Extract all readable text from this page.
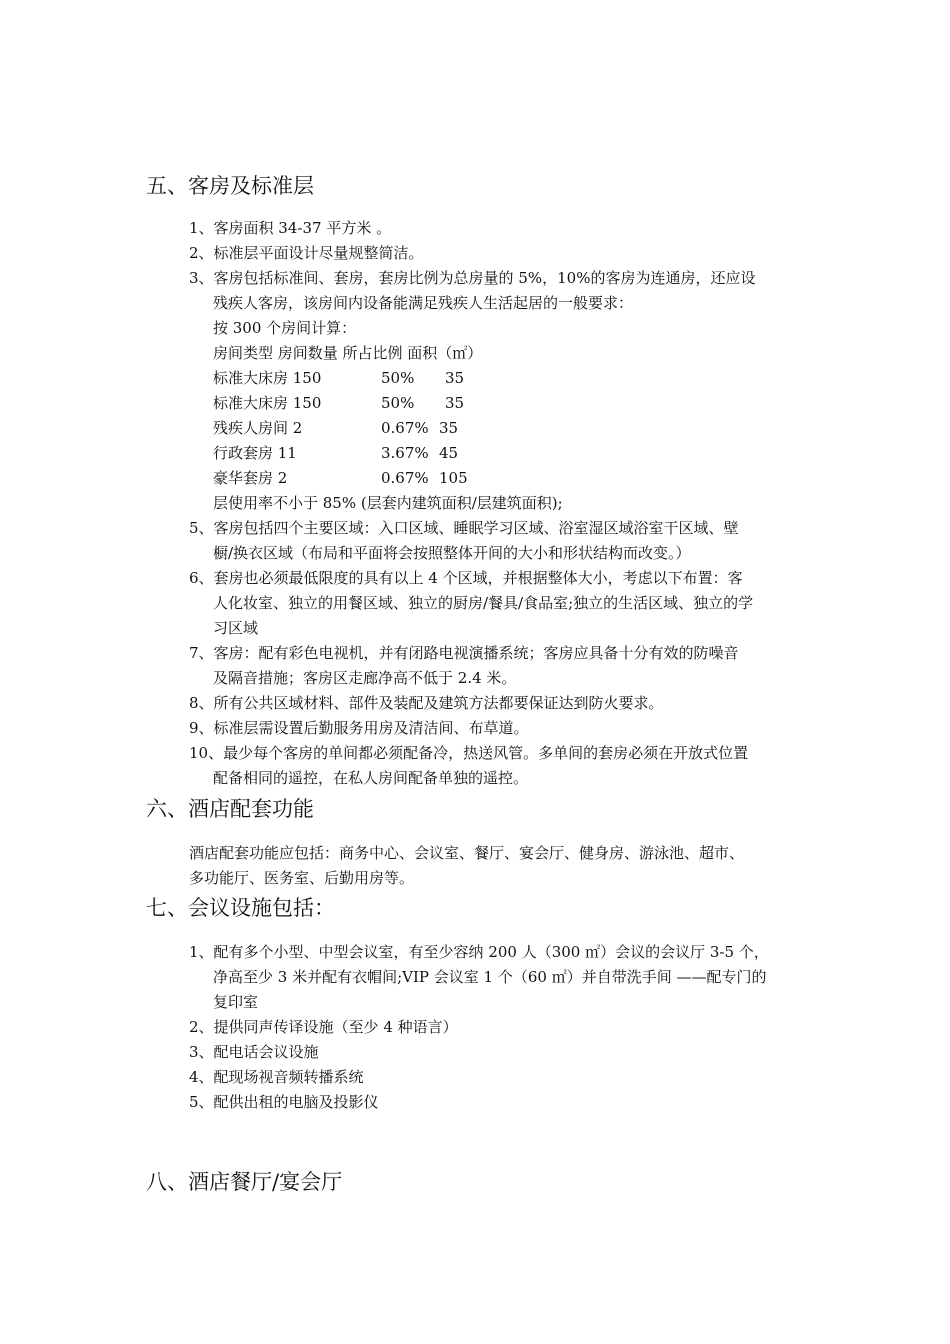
五、客房及标准层
1、客房面积 34-37 平方米 。
2、标准层平面设计尽量规整简洁。
3、客房包括标准间、套房，套房比例为总房量的 5%，10%的客房为连通房，还应设
残疾人客房，该房间内设备能满足残疾人生活起居的一般要求：
按 300 个房间计算：
房间类型 房间数量 所占比例 面积（㎡）
标准大床房 150	50% 35
标准大床房 150	50% 35
残疾人房间 2	0.67% 35
行政套房 11	3.67% 45
豪华套房 2	0.67% 105
层使用率不小于 85% (层套内建筑面积/层建筑面积);
5、客房包括四个主要区域：入口区域、睡眠学习区域、浴室湿区域浴室干区域、壁
橱/换衣区域（布局和平面将会按照整体开间的大小和形状结构而改变。）
6、套房也必须最低限度的具有以上 4 个区域，并根据整体大小，考虑以下布置：客
人化妆室、独立的用餐区域、独立的厨房/餐具/食品室;独立的生活区域、独立的学
习区域
7、客房：配有彩色电视机，并有闭路电视演播系统；客房应具备十分有效的防噪音
及隔音措施；客房区走廊净高不低于 2.4 米。
8、所有公共区域材料、部件及装配及建筑方法都要保证达到防火要求。
9、标准层需设置后勤服务用房及清洁间、布草道。
10、最少每个客房的单间都必须配备冷，热送风管。多单间的套房必须在开放式位置
配备相同的遥控，在私人房间配备单独的遥控。
六、酒店配套功能
酒店配套功能应包括：商务中心、会议室、餐厅、宴会厅、健身房、游泳池、超市、
多功能厅、医务室、后勤用房等。
七、会议设施包括：
1、配有多个小型、中型会议室，有至少容纳 200 人（300 ㎡）会议的会议厅 3-5 个，
净高至少 3 米并配有衣帽间;VIP 会议室 1 个（60 ㎡）并自带洗手间 ——配专门的
复印室
2、提供同声传译设施（至少 4 种语言）
3、配电话会议设施
4、配现场视音频转播系统
5、配供出租的电脑及投影仪
八、酒店餐厅/宴会厅
